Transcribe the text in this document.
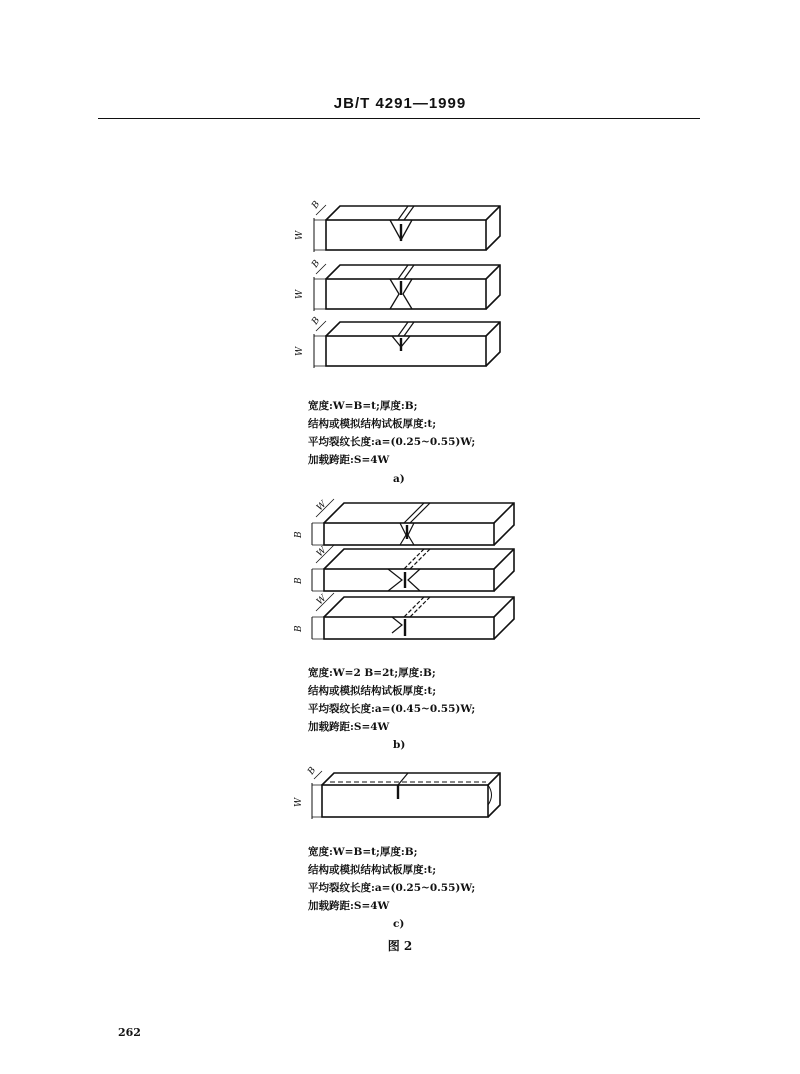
JB/T 4291—1999
W
B
W
B
W
B
宽度:W=B=t;厚度:B;
结构或模拟结构试板厚度:t;
平均裂纹长度:a=(0.25~0.55)W;
加载跨距:S=4W
a)
B
W
B
W
B
W
宽度:W=2 B=2t;厚度:B;
结构或模拟结构试板厚度:t;
平均裂纹长度:a=(0.45~0.55)W;
加载跨距:S=4W
b)
W
B
宽度:W=B=t;厚度:B;
结构或模拟结构试板厚度:t;
平均裂纹长度:a=(0.25~0.55)W;
加载跨距:S=4W
c)
图 2
262
